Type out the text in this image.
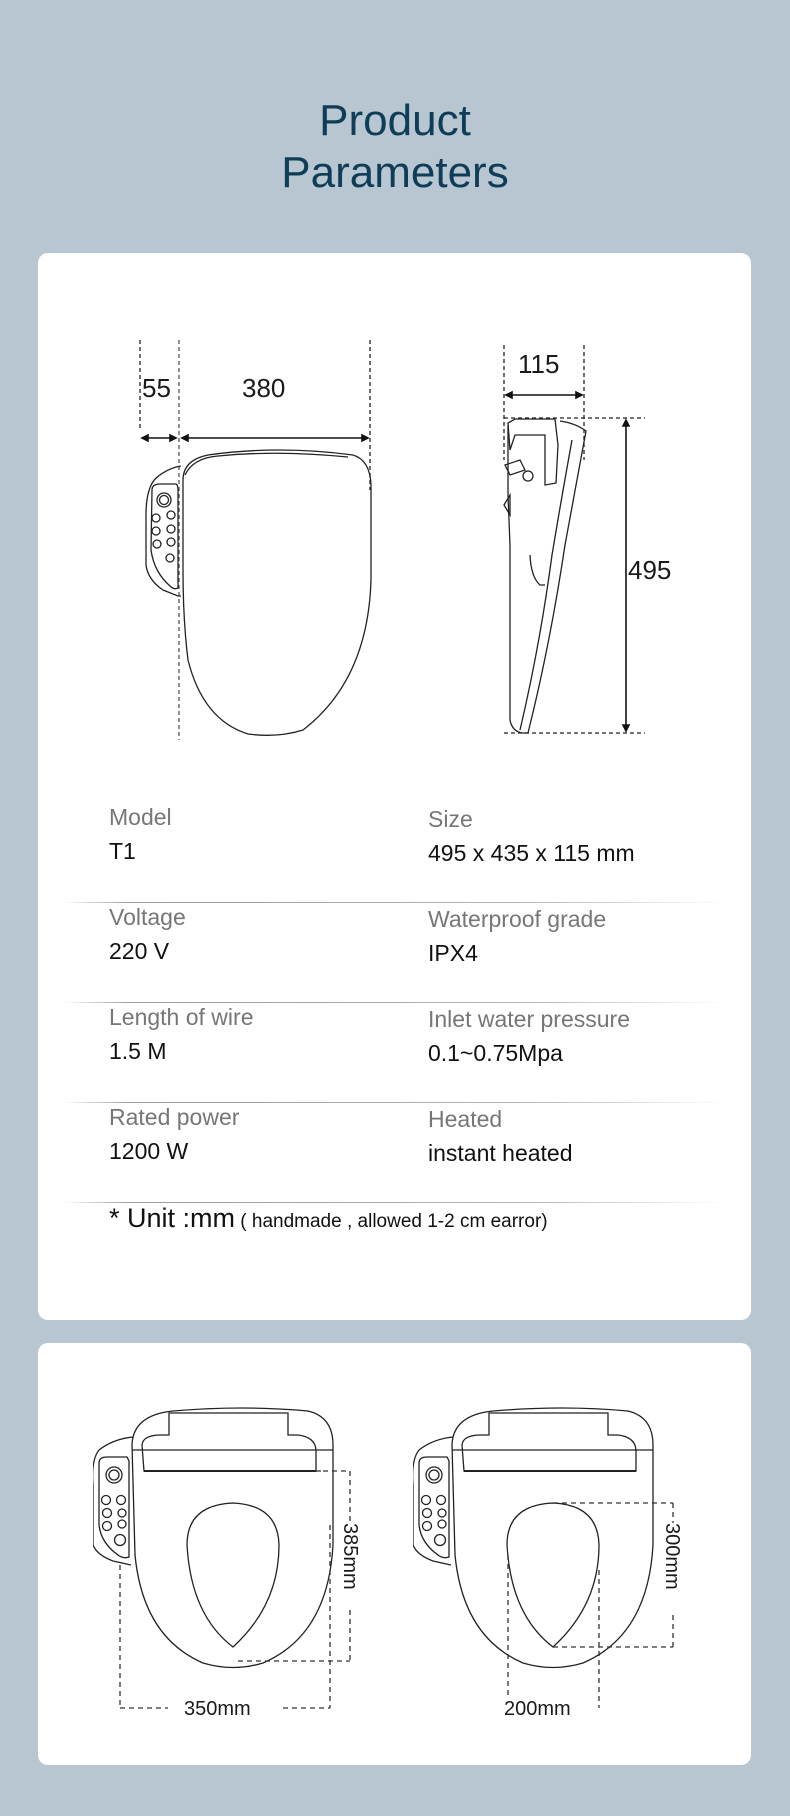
Product
Parameters
55	380
115
495
Model
T1
Size
495 x 435 x 115 mm
Voltage
220 V
Waterproof grade
IPX4
Length of wire
1.5 M
Inlet water pressure
0.1~0.75Mpa
Rated power
1200 W
Heated
instant heated
* Unit :mm ( handmade , allowed 1-2 cm earror)
385mm
350mm
300mm
200mm
